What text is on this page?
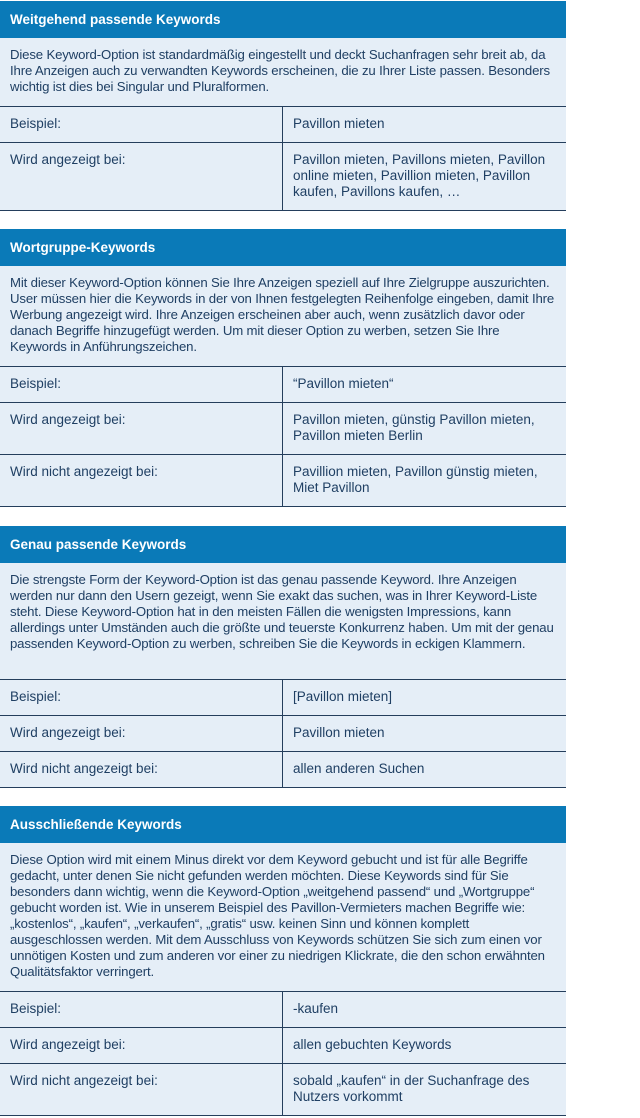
Weitgehend passende Keywords
Diese Keyword-Option ist standardmäßig eingestellt und deckt Suchanfragen sehr breit ab, da Ihre Anzeigen auch zu verwandten Keywords erscheinen, die zu Ihrer Liste passen. Besonders wichtig ist dies bei Singular und Pluralformen.
Beispiel:	Pavillon mieten
Wird angezeigt bei:	Pavillon mieten, Pavillons mieten, Pavillon online mieten, Pavillion mieten, Pavillon kaufen, Pavillons kaufen, …
Wortgruppe-Keywords
Mit dieser Keyword-Option können Sie Ihre Anzeigen speziell auf Ihre Zielgruppe auszurichten. User müssen hier die Keywords in der von Ihnen festgelegten Reihenfolge eingeben, damit Ihre Werbung angezeigt wird. Ihre Anzeigen erscheinen aber auch, wenn zusätzlich davor oder danach Begriffe hinzugefügt werden. Um mit dieser Option zu werben, setzen Sie Ihre Keywords in Anführungszeichen.
Beispiel:	“Pavillon mieten“
Wird angezeigt bei:	Pavillon mieten, günstig Pavillon mieten, Pavillon mieten Berlin
Wird nicht angezeigt bei:	Pavillion mieten, Pavillon günstig mieten, Miet Pavillon
Genau passende Keywords
Die strengste Form der Keyword-Option ist das genau passende Keyword. Ihre Anzeigen werden nur dann den Usern gezeigt, wenn Sie exakt das suchen, was in Ihrer Keyword-Liste steht. Diese Keyword-Option hat in den meisten Fällen die wenigsten Impressions, kann allerdings unter Umständen auch die größte und teuerste Konkurrenz haben. Um mit der genau passenden Keyword-Option zu werben, schreiben Sie die Keywords in eckigen Klammern.
Beispiel:	[Pavillon mieten]
Wird angezeigt bei:	Pavillon mieten
Wird nicht angezeigt bei:	allen anderen Suchen
Ausschließende Keywords
Diese Option wird mit einem Minus direkt vor dem Keyword gebucht und ist für alle Begriffe gedacht, unter denen Sie nicht gefunden werden möchten. Diese Keywords sind für Sie besonders dann wichtig, wenn die Keyword-Option „weitgehend passend“ und „Wortgruppe“ gebucht worden ist. Wie in unserem Beispiel des Pavillon-Vermieters machen Begriffe wie: „kostenlos“, „kaufen“, „verkaufen“, „gratis“ usw. keinen Sinn und können komplett ausgeschlossen werden. Mit dem Ausschluss von Keywords schützen Sie sich zum einen vor unnötigen Kosten und zum anderen vor einer zu niedrigen Klickrate, die den schon erwähnten Qualitätsfaktor verringert.
Beispiel:	-kaufen
Wird angezeigt bei:	allen gebuchten Keywords
Wird nicht angezeigt bei:	sobald „kaufen“ in der Suchanfrage des Nutzers vorkommt
